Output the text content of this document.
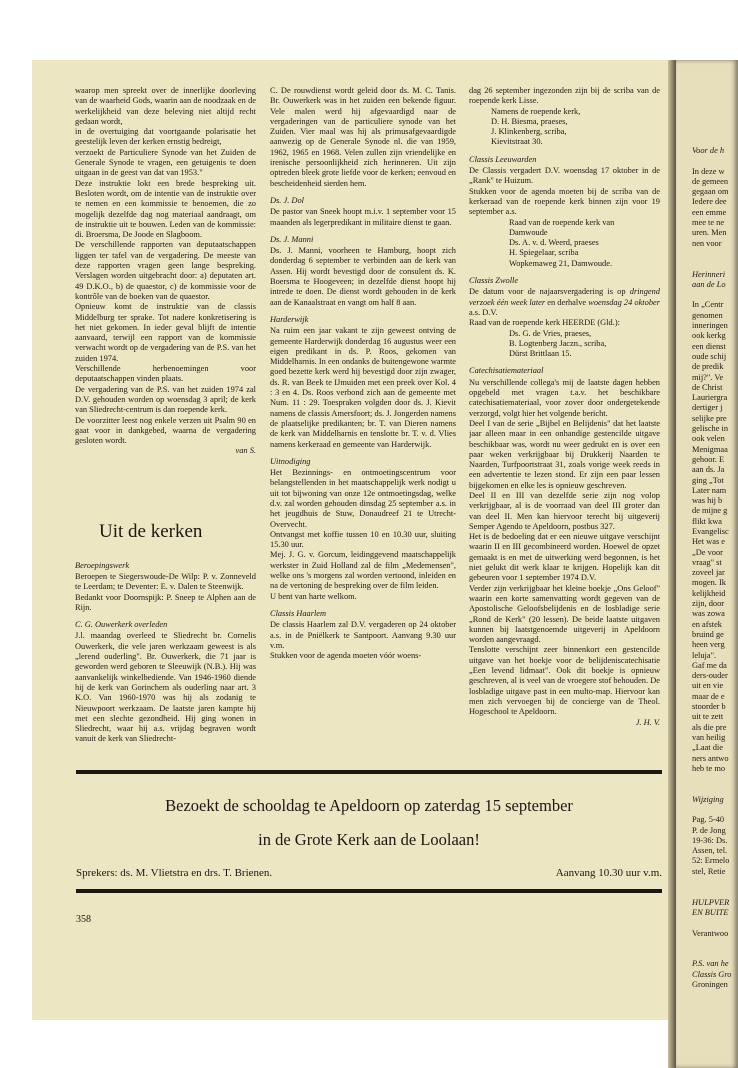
Voor de h

In deze w
de gemeen
gegaan om
Iedere dee
een emme
mee te ne
uren. Men
nen voor

Herinneri
aan de Lo

In „Centr
genomen
inneringen
ook kerkg
een dienst
oude schij
de predik
mij?". Ve
de Christ
Lauriergra
dertiger j
selijke pre
gelische in
ook velen
Menigmaa
gehoor. E
aan ds. Ja
ging „Tot
Later nam
was hij b
de mijne g
flikt kwa
Evangelisc
Het was e
„De voor
vraag" st
zoveel jar
mogen. Ik
kelijkheid
zijn, door
was zowa
en afstek
bruind ge
heen verg
leluja".
Gaf me da
ders-ouder
uit en vie
maar de e
stoorder b
uit te zett
als die pre
van heilig
„Laat die
ners antwo
heb te mo

Wijziging

Pag. 5-40
P. de Jong
19-36: Ds.
Assen, tel.
52: Ermelo
stel, Retie

HULPVER
EN BUITE

Verantwoo

P.S. van he
Classis Gro
Groningen

waarop men spreekt over de innerlijke doorleving van de waarheid Gods, waarin aan de noodzaak en de werkelijkheid van deze beleving niet altijd recht gedaan wordt,

in de overtuiging dat voortgaande polarisatie het geestelijk leven der kerken ernstig bedreigt,

verzoekt de Particuliere Synode van het Zuiden de Generale Synode te vragen, een getuigenis te doen uitgaan in de geest van dat van 1953."

Deze instruktie lokt een brede bespreking uit. Besloten wordt, om de intentie van de instruktie over te nemen en een kommissie te benoemen, die zo mogelijk dezelfde dag nog materiaal aandraagt, om de instruktie uit te bouwen. Leden van de kommissie: di. Broersma, De Joode en Slagboom.

De verschillende rapporten van deputaatschappen liggen ter tafel van de vergadering. De meeste van deze rapporten vragen geen lange bespreking. Verslagen worden uitgebracht door: a) deputaten art. 49 D.K.O., b) de quaestor, c) de kommissie voor de kontrôle van de boeken van de quaestor.

Opnieuw komt de instruktie van de classis Middelburg ter sprake. Tot nadere konkretisering is het niet gekomen. In ieder geval blijft de intentie aanvaard, terwijl een rapport van de kommissie verwacht wordt op de vergadering van de P.S. van het zuiden 1974.

Verschillende herbenoemingen voor deputaatschappen vinden plaats.

De vergadering van de P.S. van het zuiden 1974 zal D.V. gehouden worden op woensdag 3 april; de kerk van Sliedrecht-centrum is dan roepende kerk.

De voorzitter leest nog enkele verzen uit Psalm 90 en gaat voor in dankgebed, waarna de vergadering gesloten wordt.

van S.

Uit de kerken
Beroepingswerk

Beroepen te Siegerswoude-De Wilp: P. v. Zonneveld te Leerdam; te Deventer: E. v. Dalen te Steenwijk.

Bedankt voor Doornspijk: P. Sneep te Alphen aan de Rijn.

C. G. Ouwerkerk overleden

J.l. maandag overleed te Sliedrecht br. Cornelis Ouwerkerk, die vele jaren werkzaam geweest is als „lerend ouderling". Br. Ouwerkerk, die 71 jaar is geworden werd geboren te Sleeuwijk (N.B.). Hij was aanvankelijk winkelbediende. Van 1946-1960 diende hij de kerk van Gorinchem als ouderling naar art. 3 K.O. Van 1960-1970 was hij als zodanig te Nieuwpoort werkzaam. De laatste jaren kampte hij met een slechte gezondheid. Hij ging wonen in Sliedrecht, waar hij a.s. vrijdag begraven wordt vanuit de kerk van Sliedrecht-

C. De rouwdienst wordt geleid door ds. M. C. Tanis. Br. Ouwerkerk was in het zuiden een bekende figuur. Vele malen werd hij afgevaardigd naar de vergaderingen van de particuliere synode van het Zuiden. Vier maal was hij als primusafgevaardigde aanwezig op de Generale Synode nl. die van 1959, 1962, 1965 en 1968. Velen zullen zijn vriendelijke en irenische persoonlijkheid zich herinneren. Uit zijn optreden bleek grote liefde voor de kerken; eenvoud en bescheidenheid sierden hem.

Ds. J. Dol

De pastor van Sneek hoopt m.i.v. 1 september voor 15 maanden als legerpredikant in militaire dienst te gaan.

Ds. J. Manni

Ds. J. Manni, voorheen te Hamburg, hoopt zich donderdag 6 september te verbinden aan de kerk van Assen. Hij wordt bevestigd door de consulent ds. K. Boersma te Hoogeveen; in dezelfde dienst hoopt hij intrede te doen. De dienst wordt gehouden in de kerk aan de Kanaalstraat en vangt om half 8 aan.

Harderwijk

Na ruim een jaar vakant te zijn geweest ontving de gemeente Harderwijk donderdag 16 augustus weer een eigen predikant in ds. P. Roos, gekomen van Middelharnis. In een ondanks de buitengewone warmte goed bezette kerk werd hij bevestigd door zijn zwager, ds. R. van Beek te IJmuiden met een preek over Kol. 4 : 3 en 4. Ds. Roos verbond zich aan de gemeente met Num. 11 : 29. Toespraken volgden door ds. J. Kievit namens de classis Amersfoort; ds. J. Jongerden namens de plaatselijke predikanten; br. T. van Dieren namens de kerk van Middelharnis en tenslotte br. T. v. d. Vlies namens kerkeraad en gemeente van Harderwijk.

Uitnodiging

Het Bezinnings- en ontmoetingscentrum voor belangstellenden in het maatschappelijk werk nodigt u uit tot bijwoning van onze 12e ontmoetingsdag, welke d.v. zal worden gehouden dinsdag 25 september a.s. in het jeugdhuis de Stuw, Donaudreef 21 te Utrecht-Overvecht.

Ontvangst met koffie tussen 10 en 10.30 uur, sluiting 15.30 uur.

Mej. J. G. v. Gorcum, leidinggevend maatschappelijk werkster in Zuid Holland zal de film „Medemensen", welke ons 's morgens zal worden vertoond, inleiden en na de vertoning de bespreking over de film leiden.

U bent van harte welkom.

Classis Haarlem

De classis Haarlem zal D.V. vergaderen op 24 oktober a.s. in de Pniëlkerk te Santpoort. Aanvang 9.30 uur v.m.

Stukken voor de agenda moeten vóór woens-

dag 26 september ingezonden zijn bij de scriba van de roepende kerk Lisse.

Namens de roepende kerk,

D. H. Biesma, praeses,

J. Klinkenberg, scriba,

Kievitstraat 30.

Classis Leeuwarden

De Classis vergadert D.V. woensdag 17 oktober in de „Rank" te Huizum.

Stukken voor de agenda moeten bij de scriba van de kerkeraad van de roepende kerk binnen zijn voor 19 september a.s.

Raad van de roepende kerk van

Damwoude

Ds. A. v. d. Weerd, praeses

H. Spiegelaar, scriba

Wopkemaweg 21, Damwoude.

Classis Zwolle

De datum voor de najaarsvergadering is op dringend verzoek één week later en derhalve woensdag 24 oktober a.s. D.V.

Raad van de roepende kerk HEERDE (Gld.):

Ds. G. de Vries, praeses,

B. Logtenberg Jaczn., scriba,

Dürst Brittlaan 15.

Catechisatiemateriaal

Nu verschillende collega's mij de laatste dagen hebben opgebeld met vragen t.a.v. het beschikbare catechisatiemateriaal, voor zover door ondergetekende verzorgd, volgt hier het volgende bericht.

Deel I van de serie „Bijbel en Belijdenis" dat het laatste jaar alleen maar in een onhandige gestencilde uitgave beschikbaar was, wordt nu weer gedrukt en is over een paar weken verkrijgbaar bij Drukkerij Naarden te Naarden, Turfpoortstraat 31, zoals vorige week reeds in een advertentie te lezen stond. Er zijn een paar lessen bijgekomen en elke les is opnieuw geschreven.

Deel II en III van dezelfde serie zijn nog volop verkrijgbaar, al is de voorraad van deel III groter dan van deel II. Men kan hiervoor terecht bij uitgeverij Semper Agendo te Apeldoorn, postbus 327.

Het is de bedoeling dat er een nieuwe uitgave verschijnt waarin II en III gecombineerd worden. Hoewel de opzet gemaakt is en met de uitwerking werd begonnen, is het niet gelukt dit werk klaar te krijgen. Hopelijk kan dit gebeuren voor 1 september 1974 D.V.

Verder zijn verkrijgbaar het kleine boekje „Ons Geloof" waarin een korte samenvatting wordt gegeven van de Apostolische Geloofsbelijdenis en de losbladige serie „Rond de Kerk" (20 lessen). De beide laatste uitgaven kunnen bij laatstgenoemde uitgeverij in Apeldoorn worden aangevraagd.

Tenslotte verschijnt zeer binnenkort een gestencilde uitgave van het boekje voor de belijdeniscatechisatie „Een levend lidmaat". Ook dit boekje is opnieuw geschreven, al is veel van de vroegere stof behouden. De losbladige uitgave past in een multo-map. Hiervoor kan men zich vervoegen bij de concierge van de Theol. Hogeschool te Apeldoorn.

J. H. V.

Bezoekt de schooldag te Apeldoorn op zaterdag 15 september
in de Grote Kerk aan de Loolaan!
Sprekers: ds. M. Vlietstra en drs. T. Brienen.	Aanvang 10.30 uur v.m.
358
